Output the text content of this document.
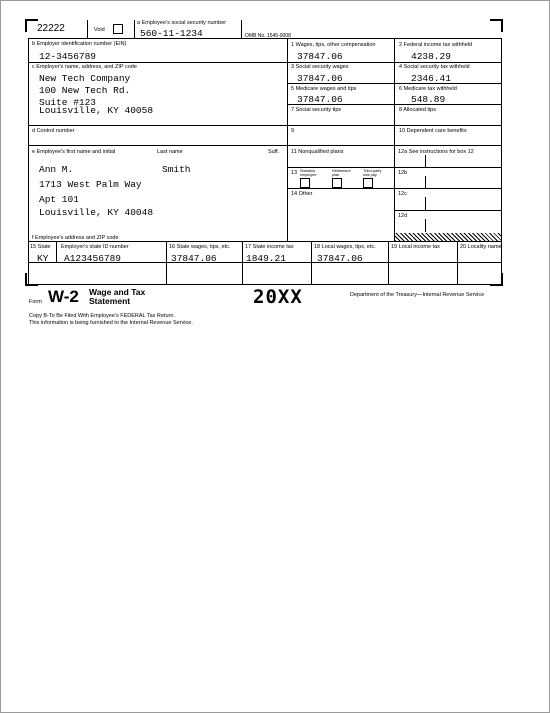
22222	Void
a Employee's social security number
560-11-1234	OMB No. 1545-0008
b Employer identification number (EIN)
12-3456789
c Employer's name, address, and ZIP code
New Tech Company
100 New Tech Rd.
Suite #123
Louisville, KY 40058
d Control number
e Employee's first name and initial	Last name	Suff.
Ann M.	Smith
1713 West Palm Way
Apt 101
Louisville, KY 40048
f Employee's address and ZIP code
1 Wages, tips, other compensation
37847.06
2 Federal income tax withheld
4238.29
3 Social security wages
37847.06
4 Social security tax withheld
2346.41
5 Medicare wages and tips
37847.06
6 Medicare tax withheld
548.89
7 Social security tips	8 Allocated tips
9	10 Dependent care benefits
11 Nonqualified plans	12a See instructions for box 12
13 Statutory employee
Retirement plan
Third-party sick pay	12b
12c
12d
14 Other
15 State Employer's state ID number	16 State wages, tips, etc.	17 State income tax	18 Local wages, tips, etc.	19 Local income tax	20 Locality name
KY A123456789	37847.06	1849.21	37847.06
Form W-2 Wage and Tax
Statement	20XX	Department of the Treasury—Internal Revenue Service
Copy B-To Be Filed With Employee's FEDERAL Tax Return.
This information is being furnished to the Internal Revenue Service.
